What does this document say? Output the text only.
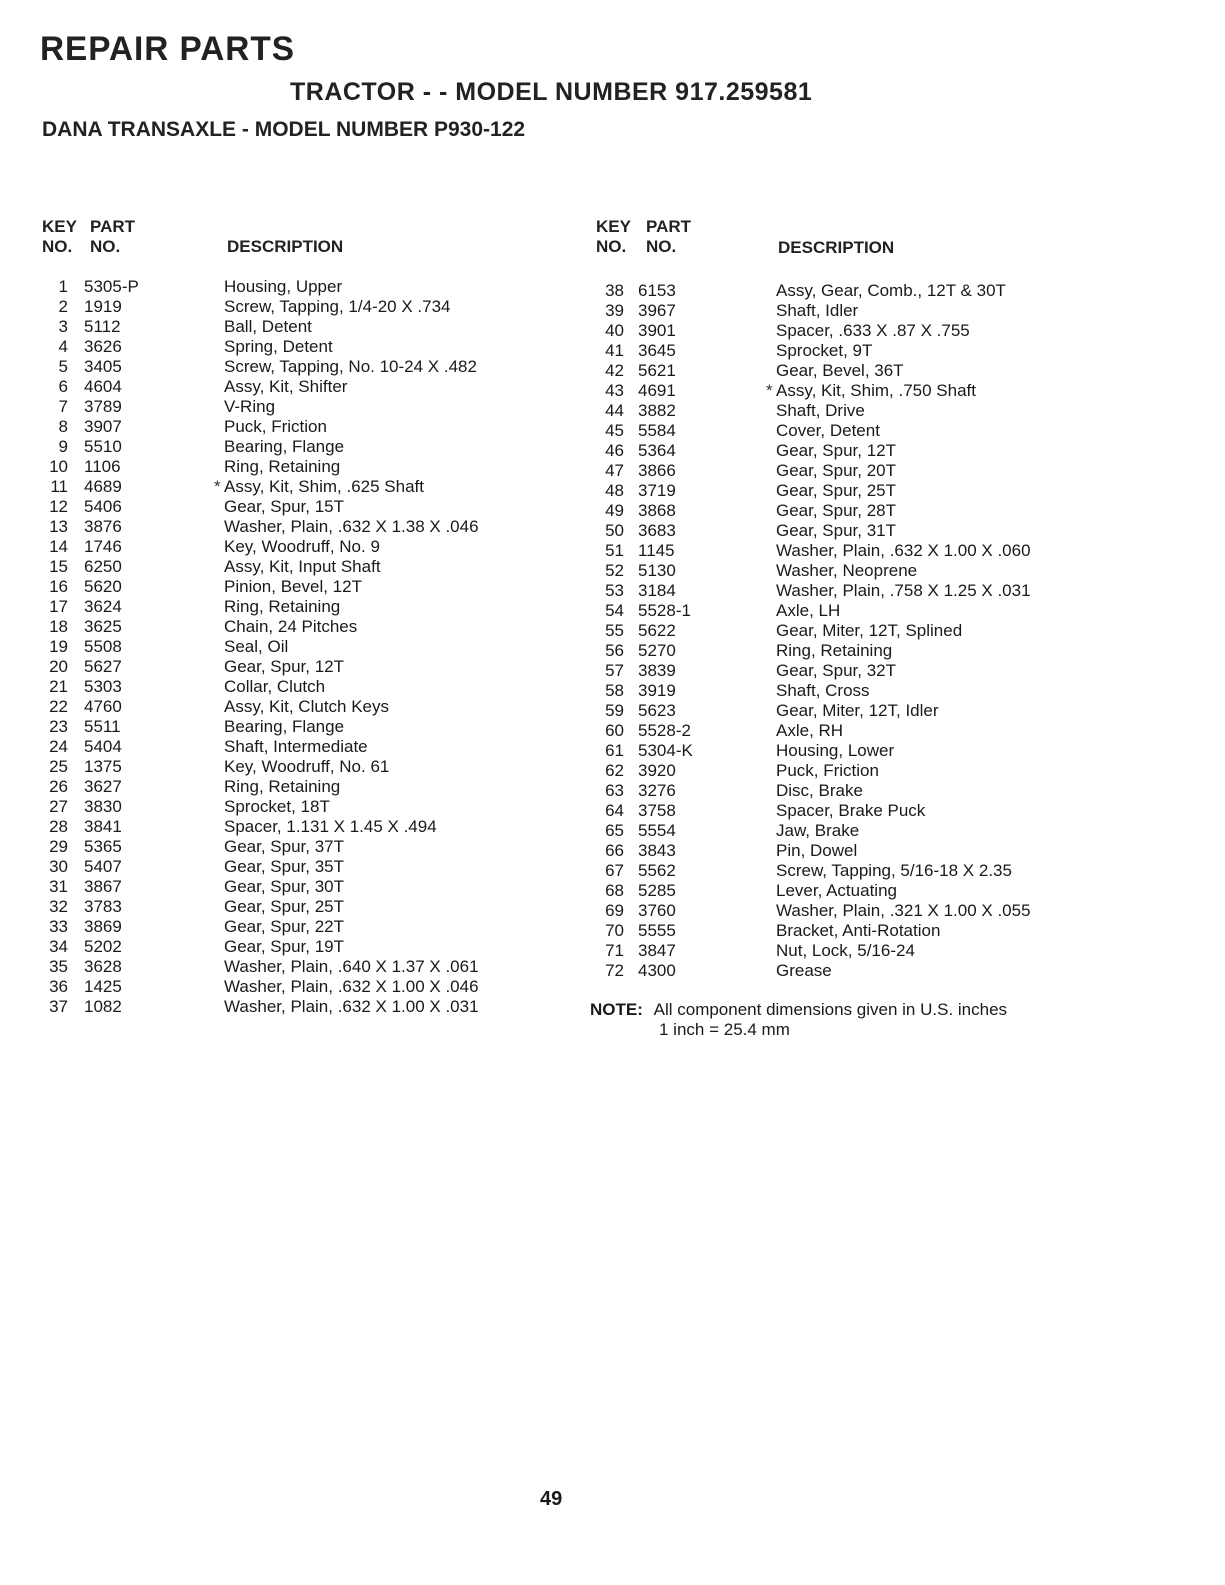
REPAIR PARTS
TRACTOR - - MODEL NUMBER 917.259581
DANA TRANSAXLE - MODEL NUMBER P930-122
KEY
NO.
PART
NO.	DESCRIPTION
KEY
NO.
PART
NO.	DESCRIPTION
1 5305-P	Housing, Upper
2 1919	Screw, Tapping, 1/4-20 X .734
3 5112	Ball, Detent
4 3626	Spring, Detent
5 3405	Screw, Tapping, No. 10-24 X .482
6 4604	Assy, Kit, Shifter
7 3789	V-Ring
8 3907	Puck, Friction
9 5510	Bearing, Flange
10 1106	Ring, Retaining
11 4689	* Assy, Kit, Shim, .625 Shaft
12 5406	Gear, Spur, 15T
13 3876	Washer, Plain, .632 X 1.38 X .046
14 1746	Key, Woodruff, No. 9
15 6250	Assy, Kit, Input Shaft
16 5620	Pinion, Bevel, 12T
17 3624	Ring, Retaining
18 3625	Chain, 24 Pitches
19 5508	Seal, Oil
20 5627	Gear, Spur, 12T
21 5303	Collar, Clutch
22 4760	Assy, Kit, Clutch Keys
23 5511	Bearing, Flange
24 5404	Shaft, Intermediate
25 1375	Key, Woodruff, No. 61
26 3627	Ring, Retaining
27 3830	Sprocket, 18T
28 3841	Spacer, 1.131 X 1.45 X .494
29 5365	Gear, Spur, 37T
30 5407	Gear, Spur, 35T
31 3867	Gear, Spur, 30T
32 3783	Gear, Spur, 25T
33 3869	Gear, Spur, 22T
34 5202	Gear, Spur, 19T
35 3628	Washer, Plain, .640 X 1.37 X .061
36 1425	Washer, Plain, .632 X 1.00 X .046
37 1082	Washer, Plain, .632 X 1.00 X .031
38 6153	Assy, Gear, Comb., 12T & 30T
39 3967	Shaft, Idler
40 3901	Spacer, .633 X .87 X .755
41 3645	Sprocket, 9T
42 5621	Gear, Bevel, 36T
43 4691	* Assy, Kit, Shim, .750 Shaft
44 3882	Shaft, Drive
45 5584	Cover, Detent
46 5364	Gear, Spur, 12T
47 3866	Gear, Spur, 20T
48 3719	Gear, Spur, 25T
49 3868	Gear, Spur, 28T
50 3683	Gear, Spur, 31T
51 1145	Washer, Plain, .632 X 1.00 X .060
52 5130	Washer, Neoprene
53 3184	Washer, Plain, .758 X 1.25 X .031
54 5528-1	Axle, LH
55 5622	Gear, Miter, 12T, Splined
56 5270	Ring, Retaining
57 3839	Gear, Spur, 32T
58 3919	Shaft, Cross
59 5623	Gear, Miter, 12T, Idler
60 5528-2	Axle, RH
61 5304-K	Housing, Lower
62 3920	Puck, Friction
63 3276	Disc, Brake
64 3758	Spacer, Brake Puck
65 5554	Jaw, Brake
66 3843	Pin, Dowel
67 5562	Screw, Tapping, 5/16-18 X 2.35
68 5285	Lever, Actuating
69 3760	Washer, Plain, .321 X 1.00 X .055
70 5555	Bracket, Anti-Rotation
71 3847	Nut, Lock, 5/16-24
72 4300	Grease
NOTE: All component dimensions given in U.S. inches
1 inch = 25.4 mm
49
